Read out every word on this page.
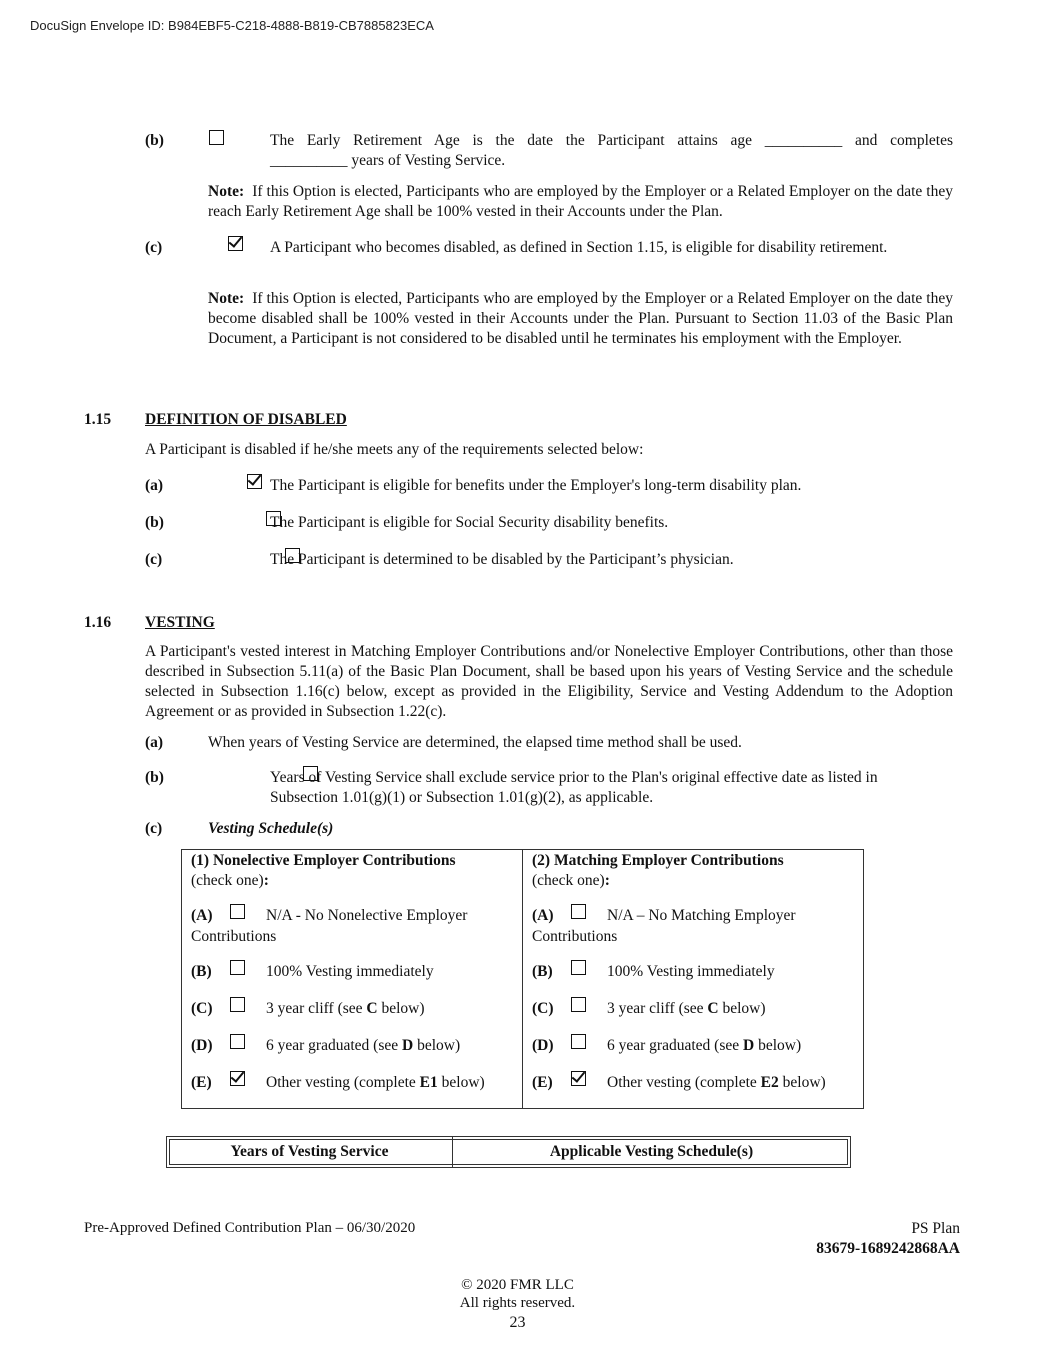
DocuSign Envelope ID: B984EBF5-C218-4888-B819-CB7885823ECA
(b)
	The Early Retirement Age is the date the Participant attains age __________ and completes
__________ years of Vesting Service.
Note: If this Option is elected, Participants who are employed by the Employer or a Related Employer on the date they reach Early Retirement Age shall be 100% vested in their Accounts under the Plan.
(c)
	A Participant who becomes disabled, as defined in Section 1.15, is eligible for disability retirement.
Note: If this Option is elected, Participants who are employed by the Employer or a Related Employer on the date they become disabled shall be 100% vested in their Accounts under the Plan. Pursuant to Section 11.03 of the Basic Plan Document, a Participant is not considered to be disabled until he terminates his employment with the Employer.
1.15 DEFINITION OF DISABLED
A Participant is disabled if he/she meets any of the requirements selected below:
(a)
	The Participant is eligible for benefits under the Employer's long-term disability plan.
(b)
	The Participant is eligible for Social Security disability benefits.
(c)
	The Participant is determined to be disabled by the Participant’s physician.
1.16 VESTING
A Participant's vested interest in Matching Employer Contributions and/or Nonelective Employer Contributions, other than those described in Subsection 5.11(a) of the Basic Plan Document, shall be based upon his years of Vesting Service and the schedule selected in Subsection 1.16(c) below, except as provided in the Eligibility, Service and Vesting Addendum to the Adoption Agreement or as provided in Subsection 1.22(c).
(a)	When years of Vesting Service are determined, the elapsed time method shall be used.
(b)	Years of Vesting Service shall exclude service prior to the Plan's original effective date as listed in
Subsection 1.01(g)(1) or Subsection 1.01(g)(2), as applicable.
(c)	Vesting Schedule(s)
(1) Nonelective Employer Contributions
(check one):
(A)	N/A - No Nonelective Employer
Contributions
(B)	100% Vesting immediately
(C)	3 year cliff (see C below)
(D)	6 year graduated (see D below)
(E)	Other vesting (complete E1 below)

(2) Matching Employer Contributions
(check one):
(A)	N/A – No Matching Employer
Contributions
(B)	100% Vesting immediately
(C)	3 year cliff (see C below)
(D)	6 year graduated (see D below)
(E)	Other vesting (complete E2 below)
Years of Vesting Service	Applicable Vesting Schedule(s)
Pre-Approved Defined Contribution Plan – 06/30/2020	PS Plan
83679-1689242868AA
© 2020 FMR LLC
All rights reserved.
23
